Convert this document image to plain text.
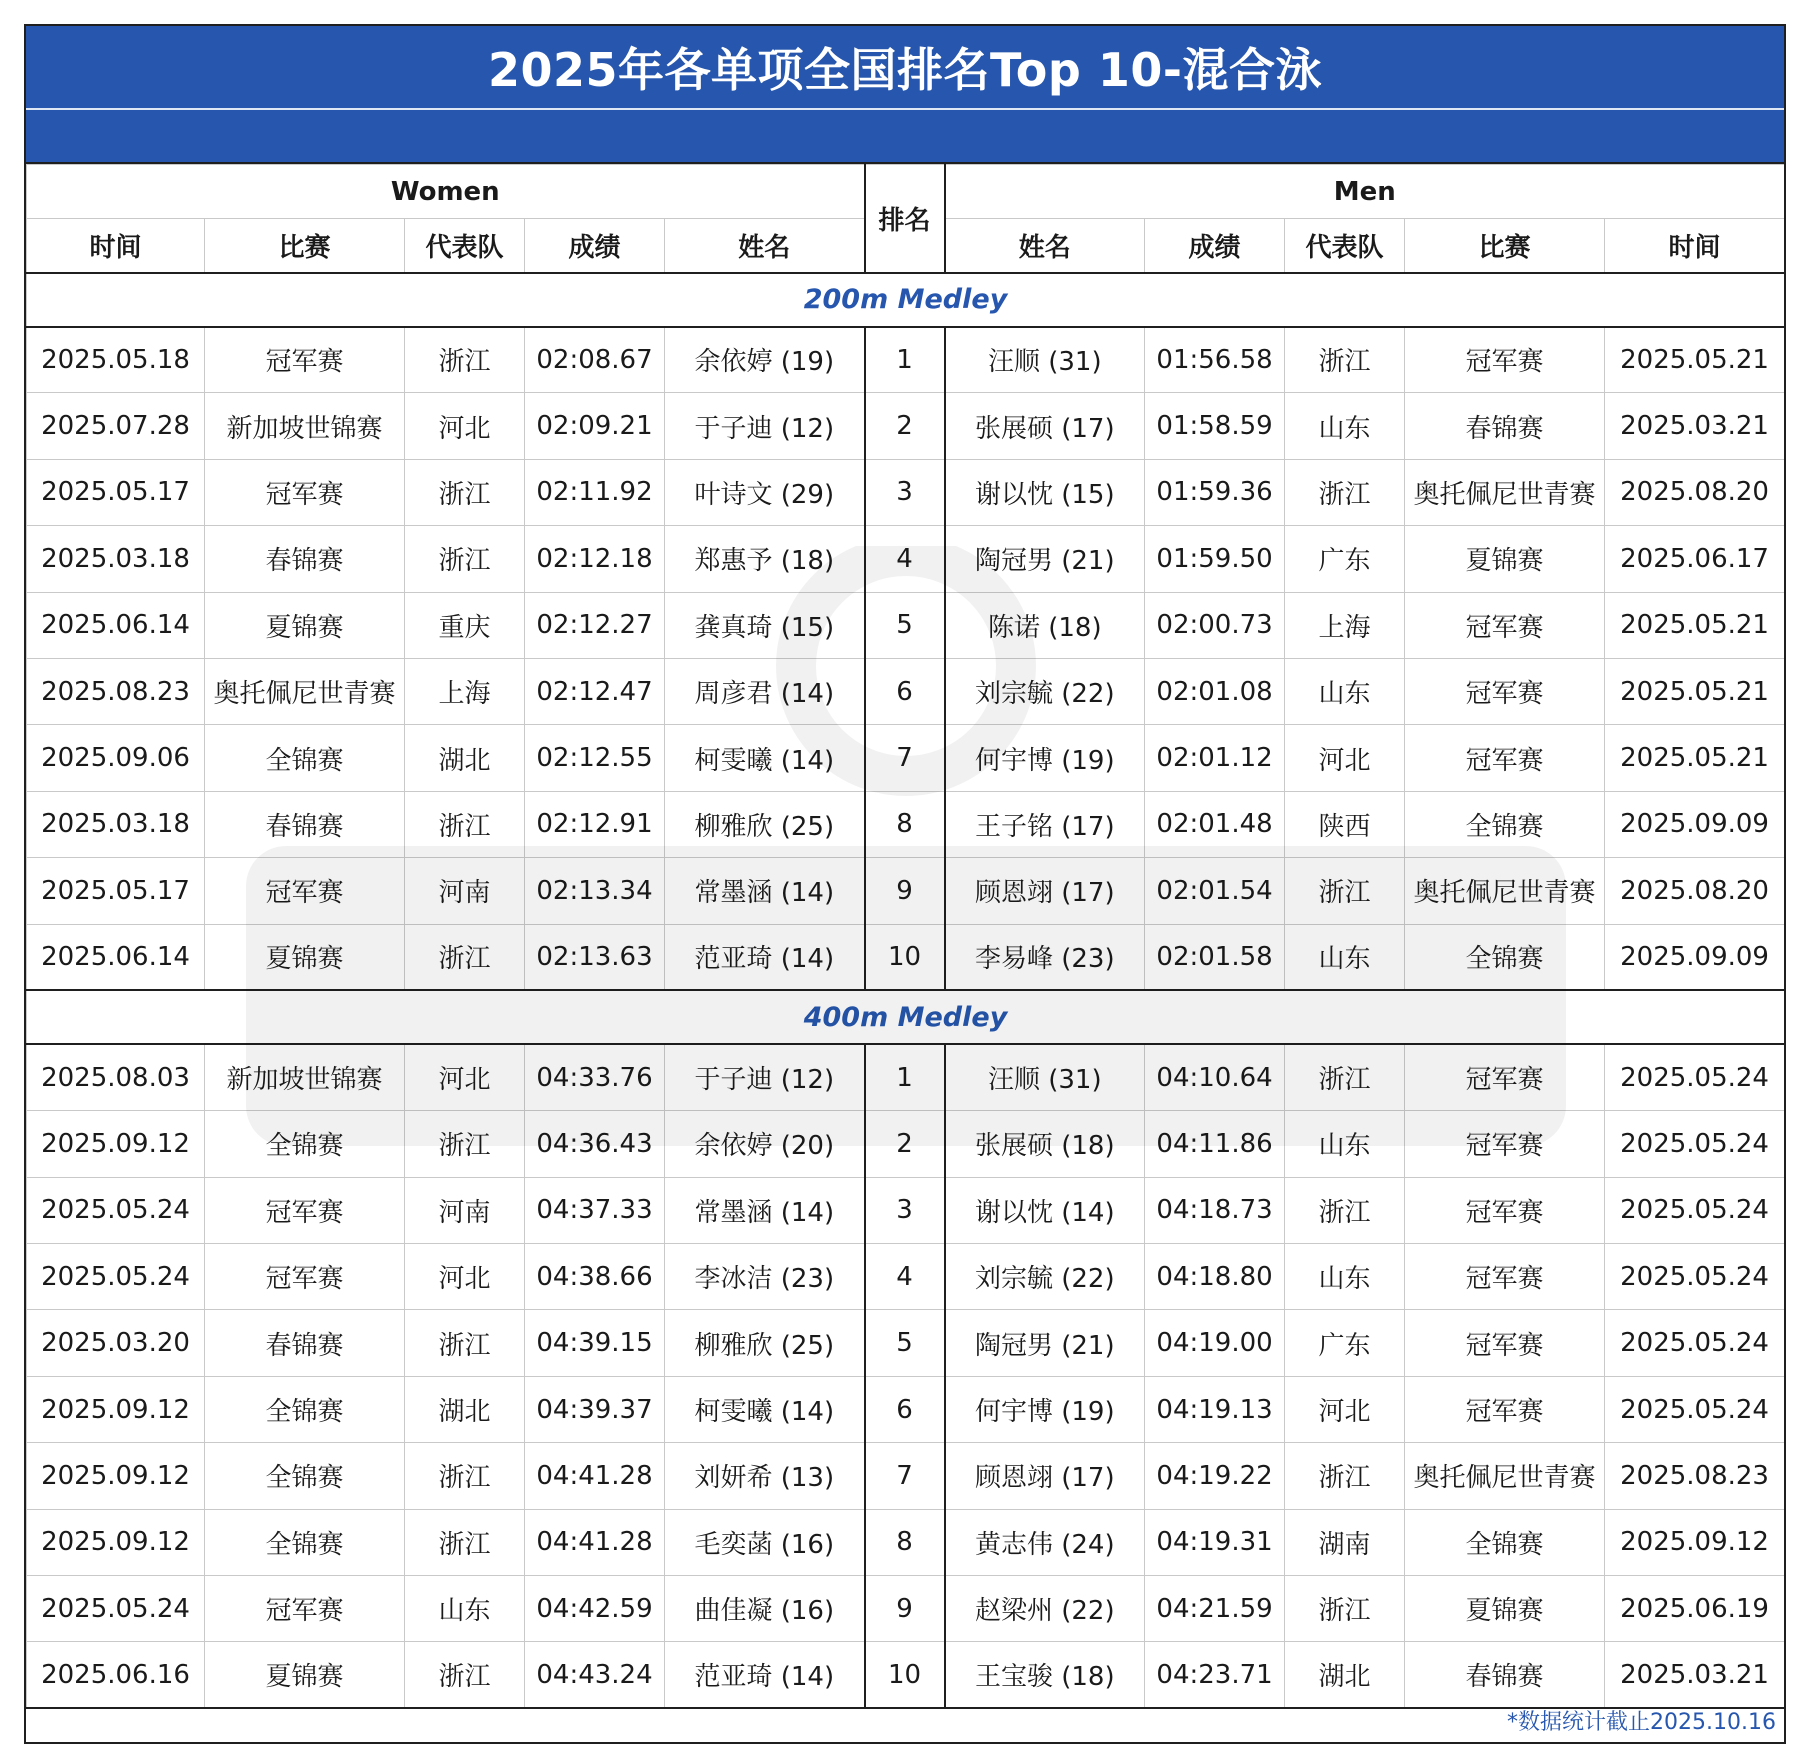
2025年各单项全国排名Top 10-混合泳
Women					排名	Men				
时间	比赛	代表队	成绩	姓名		姓名	成绩	代表队	比赛	时间
200m Medley										
2025.05.18	冠军赛	浙江	02:08.67	余依婷 (19)	1	汪顺 (31)	01:56.58	浙江	冠军赛	2025.05.21
2025.07.28	新加坡世锦赛	河北	02:09.21	于子迪 (12)	2	张展硕 (17)	01:58.59	山东	春锦赛	2025.03.21
2025.05.17	冠军赛	浙江	02:11.92	叶诗文 (29)	3	谢以忱 (15)	01:59.36	浙江	奥托佩尼世青赛	2025.08.20
2025.03.18	春锦赛	浙江	02:12.18	郑惠予 (18)	4	陶冠男 (21)	01:59.50	广东	夏锦赛	2025.06.17
2025.06.14	夏锦赛	重庆	02:12.27	龚真琦 (15)	5	陈诺 (18)	02:00.73	上海	冠军赛	2025.05.21
2025.08.23	奥托佩尼世青赛	上海	02:12.47	周彦君 (14)	6	刘宗毓 (22)	02:01.08	山东	冠军赛	2025.05.21
2025.09.06	全锦赛	湖北	02:12.55	柯雯曦 (14)	7	何宇博 (19)	02:01.12	河北	冠军赛	2025.05.21
2025.03.18	春锦赛	浙江	02:12.91	柳雅欣 (25)	8	王子铭 (17)	02:01.48	陕西	全锦赛	2025.09.09
2025.05.17	冠军赛	河南	02:13.34	常墨涵 (14)	9	顾恩翊 (17)	02:01.54	浙江	奥托佩尼世青赛	2025.08.20
2025.06.14	夏锦赛	浙江	02:13.63	范亚琦 (14)	10	李易峰 (23)	02:01.58	山东	全锦赛	2025.09.09
400m Medley										
2025.08.03	新加坡世锦赛	河北	04:33.76	于子迪 (12)	1	汪顺 (31)	04:10.64	浙江	冠军赛	2025.05.24
2025.09.12	全锦赛	浙江	04:36.43	余依婷 (20)	2	张展硕 (18)	04:11.86	山东	冠军赛	2025.05.24
2025.05.24	冠军赛	河南	04:37.33	常墨涵 (14)	3	谢以忱 (14)	04:18.73	浙江	冠军赛	2025.05.24
2025.05.24	冠军赛	河北	04:38.66	李冰洁 (23)	4	刘宗毓 (22)	04:18.80	山东	冠军赛	2025.05.24
2025.03.20	春锦赛	浙江	04:39.15	柳雅欣 (25)	5	陶冠男 (21)	04:19.00	广东	冠军赛	2025.05.24
2025.09.12	全锦赛	湖北	04:39.37	柯雯曦 (14)	6	何宇博 (19)	04:19.13	河北	冠军赛	2025.05.24
2025.09.12	全锦赛	浙江	04:41.28	刘妍希 (13)	7	顾恩翊 (17)	04:19.22	浙江	奥托佩尼世青赛	2025.08.23
2025.09.12	全锦赛	浙江	04:41.28	毛奕菡 (16)	8	黄志伟 (24)	04:19.31	湖南	全锦赛	2025.09.12
2025.05.24	冠军赛	山东	04:42.59	曲佳凝 (16)	9	赵梁州 (22)	04:21.59	浙江	夏锦赛	2025.06.19
2025.06.16	夏锦赛	浙江	04:43.24	范亚琦 (14)	10	王宝骏 (18)	04:23.71	湖北	春锦赛	2025.03.21
*数据统计截止2025.10.16
